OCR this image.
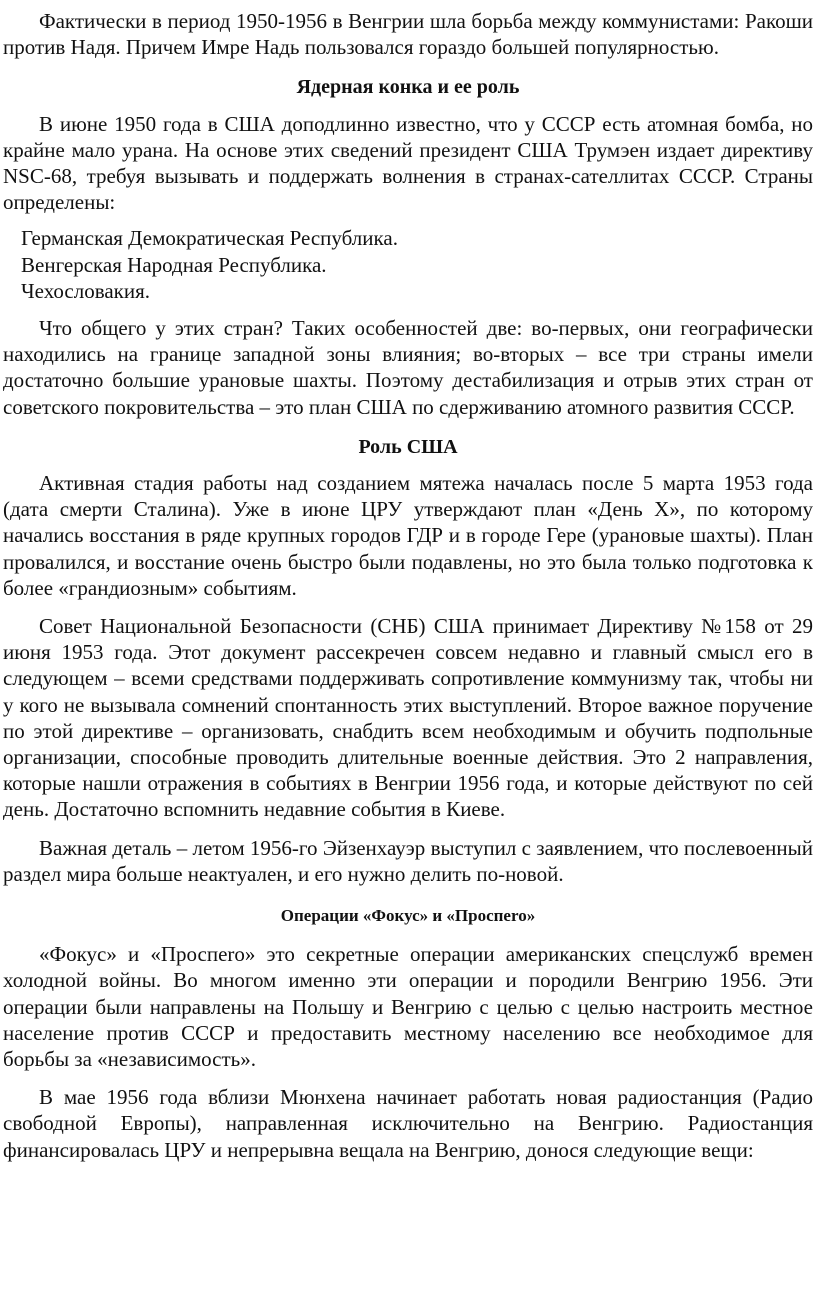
Фактически в период 1950-1956 в Венгрии шла борьба между коммунистами: Ракоши против Надя. Причем Имре Надь пользовался гораздо большей популярностью.

Ядерная конка и ее роль

В июне 1950 года в США доподлинно известно, что у СССР есть атомная бомба, но крайне мало урана. На основе этих сведений президент США Трумэен издает директиву NSC-68, требуя вызывать и поддержать волнения в странах-сателлитах СССР. Страны определены:

Германская Демократическая Республика.
Венгерская Народная Республика.
Чехословакия.

Что общего у этих стран? Таких особенностей две: во-первых, они географически находились на границе западной зоны влияния; во-вторых – все три страны имели достаточно большие урановые шахты. Поэтому дестабилизация и отрыв этих стран от советского покровительства – это план США по сдерживанию атомного развития СССР.

Роль США

Активная стадия работы над созданием мятежа началась после 5 марта 1953 года (дата смерти Сталина). Уже в июне ЦРУ утверждают план «День Х», по которому начались восстания в ряде крупных городов ГДР и в городе Гере (урановые шахты). План провалился, и восстание очень быстро были подавлены, но это была только подготовка к более «грандиозным» событиям.

Совет Национальной Безопасности (СНБ) США принимает Директиву №158 от 29 июня 1953 года. Этот документ рассекречен совсем недавно и главный смысл его в следующем – всеми средствами поддерживать сопротивление коммунизму так, чтобы ни у кого не вызывала сомнений спонтанность этих выступлений. Второе важное поручение по этой директиве – организовать, снабдить всем необходимым и обучить подпольные организации, способные проводить длительные военные действия. Это 2 направления, которые нашли отражения в событиях в Венгрии 1956 года, и которые действуют по сей день. Достаточно вспомнить недавние события в Киеве.

Важная деталь – летом 1956-го Эйзенхауэр выступил с заявлением, что послевоенный раздел мира больше неактуален, и его нужно делить по-новой.

Операции «Фокус» и «Проспero»

«Фокус» и «Проспero» это секретные операции американских спецслужб времен холодной войны. Во многом именно эти операции и породили Венгрию 1956. Эти операции были направлены на Польшу и Венгрию с целью с целью настроить местное население против СССР и предоставить местному населению все необходимое для борьбы за «независимость».

В мае 1956 года вблизи Мюнхена начинает работать новая радиостанция (Радио свободной Европы), направленная исключительно на Венгрию. Радиостанция финансировалась ЦРУ и непрерывна вещала на Венгрию, донося следующие вещи:
